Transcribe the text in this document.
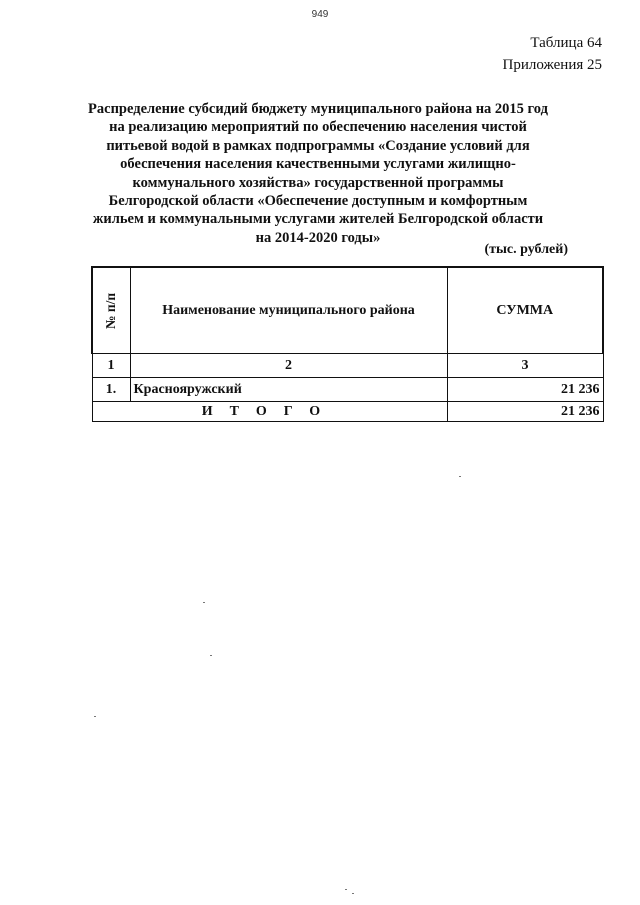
949
Таблица 64
Приложения 25
Распределение субсидий бюджету муниципального района на 2015 год на реализацию мероприятий по обеспечению населения чистой питьевой водой в рамках подпрограммы «Создание условий для обеспечения населения качественными услугами жилищно-коммунального хозяйства» государственной программы Белгородской области «Обеспечение доступным и комфортным жильем и коммунальными услугами жителей Белгородской области на 2014-2020 годы»
(тыс. рублей)
№ п/п	Наименование муниципального района	СУММА
1	2	3
1.	Краснояружский	21 236
ИТОГО		21 236
